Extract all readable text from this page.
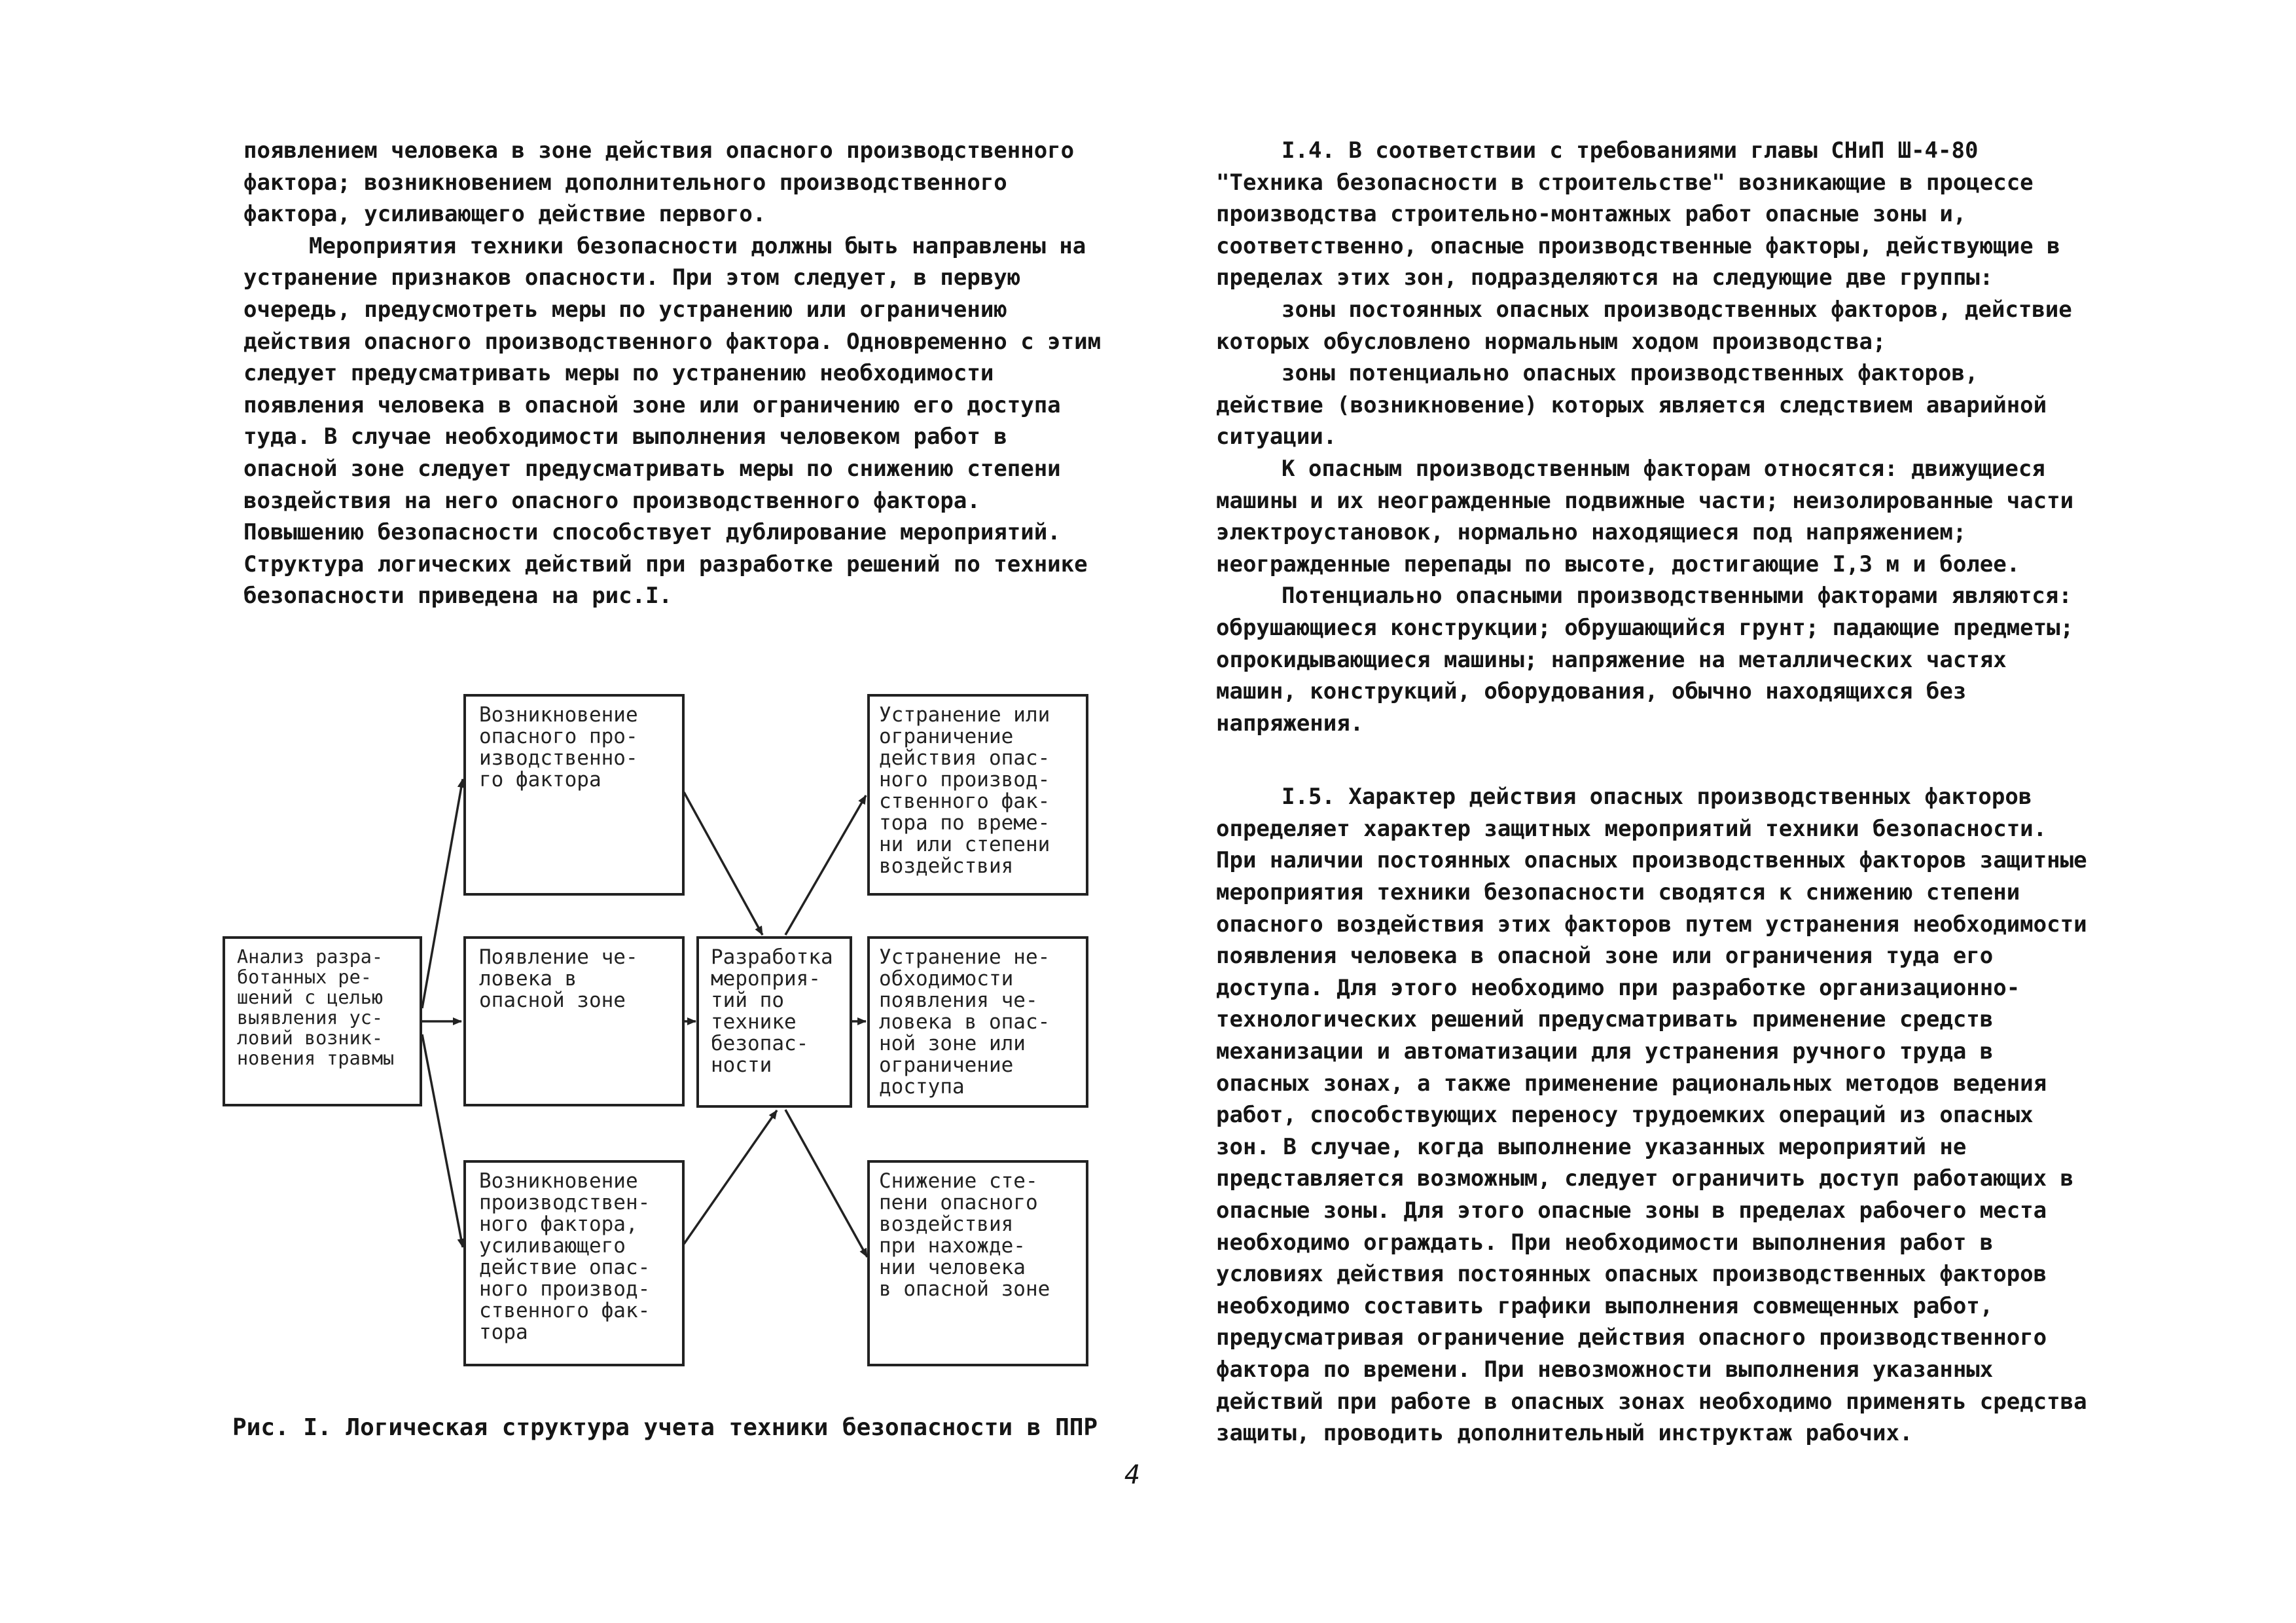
появлением человека в зоне действия опасного производственного фактора; возникновением дополнительного производственного фактора, усиливающего действие первого.

Мероприятия техники безопасности должны быть направлены на устранение признаков опасности. При этом следует, в первую очередь, предусмотреть меры по устранению или ограничению действия опасного производственного фактора. Одновременно с этим следует предусматривать меры по устранению необходимости появления человека в опасной зоне или ограничению его доступа туда. В случае необходимости выполнения человеком работ в опасной зоне следует предусматривать меры по снижению степени воздействия на него опасного производственного фактора. Повышению безопасности способствует дублирование мероприятий. Структура логических действий при разработке решений по технике безопасности приведена на рис.I.

Анализ разра-
ботанных ре-
шений с целью
выявления ус-
ловий возник-
новения травмы
Возникновение
опасного про-
изводственно-
го фактора
Появление че-
ловека в
опасной зоне
Возникновение
производствен-
ного фактора,
усиливающего
действие опас-
ного производ-
ственного фак-
тора
Разработка
мероприя-
тий по
технике
безопас-
ности
Устранение или
ограничение
действия опас-
ного производ-
ственного фак-
тора по време-
ни или степени
воздействия
Устранение не-
обходимости
появления че-
ловека в опас-
ной зоне или
ограничение
доступа
Снижение сте-
пени опасного
воздействия
при нахожде-
нии человека
в опасной зоне
Рис. I. Логическая структура учета техники безопасности в ППР
4

I.4. В соответствии с требованиями главы СНиП Ш-4-80 "Техника безопасности в строительстве" возникающие в процессе производства строительно-монтажных работ опасные зоны и, соответственно, опасные производственные факторы, действующие в пределах этих зон, подразделяются на следующие две группы:

зоны постоянных опасных производственных факторов, действие которых обусловлено нормальным ходом производства;

зоны потенциально опасных производственных факторов, действие (возникновение) которых является следствием аварийной ситуации.

К опасным производственным факторам относятся: движущиеся машины и их неогражденные подвижные части; неизолированные части электроустановок, нормально находящиеся под напряжением; неогражденные перепады по высоте, достигающие I,3 м и более.

Потенциально опасными производственными факторами являются: обрушающиеся конструкции; обрушающийся грунт; падающие предметы; опрокидывающиеся машины; напряжение на металлических частях машин, конструкций, оборудования, обычно находящихся без напряжения.

I.5. Характер действия опасных производственных факторов определяет характер защитных мероприятий техники безопасности. При наличии постоянных опасных производственных факторов защитные мероприятия техники безопасности сводятся к снижению степени опасного воздействия этих факторов путем устранения необходимости появления человека в опасной зоне или ограничения туда его доступа. Для этого необходимо при разработке организационно-технологических решений предусматривать применение средств механизации и автоматизации для устранения ручного труда в опасных зонах, а также применение рациональных методов ведения работ, способствующих переносу трудоемких операций из опасных зон. В случае, когда выполнение указанных мероприятий не представляется возможным, следует ограничить доступ работающих в опасные зоны. Для этого опасные зоны в пределах рабочего места необходимо ограждать. При необходимости выполнения работ в условиях действия постоянных опасных производственных факторов необходимо составить графики выполнения совмещенных работ, предусматривая ограничение действия опасного производственного фактора по времени. При невозможности выполнения указанных действий при работе в опасных зонах необходимо применять средства защиты, проводить дополнительный инструктаж рабочих.
